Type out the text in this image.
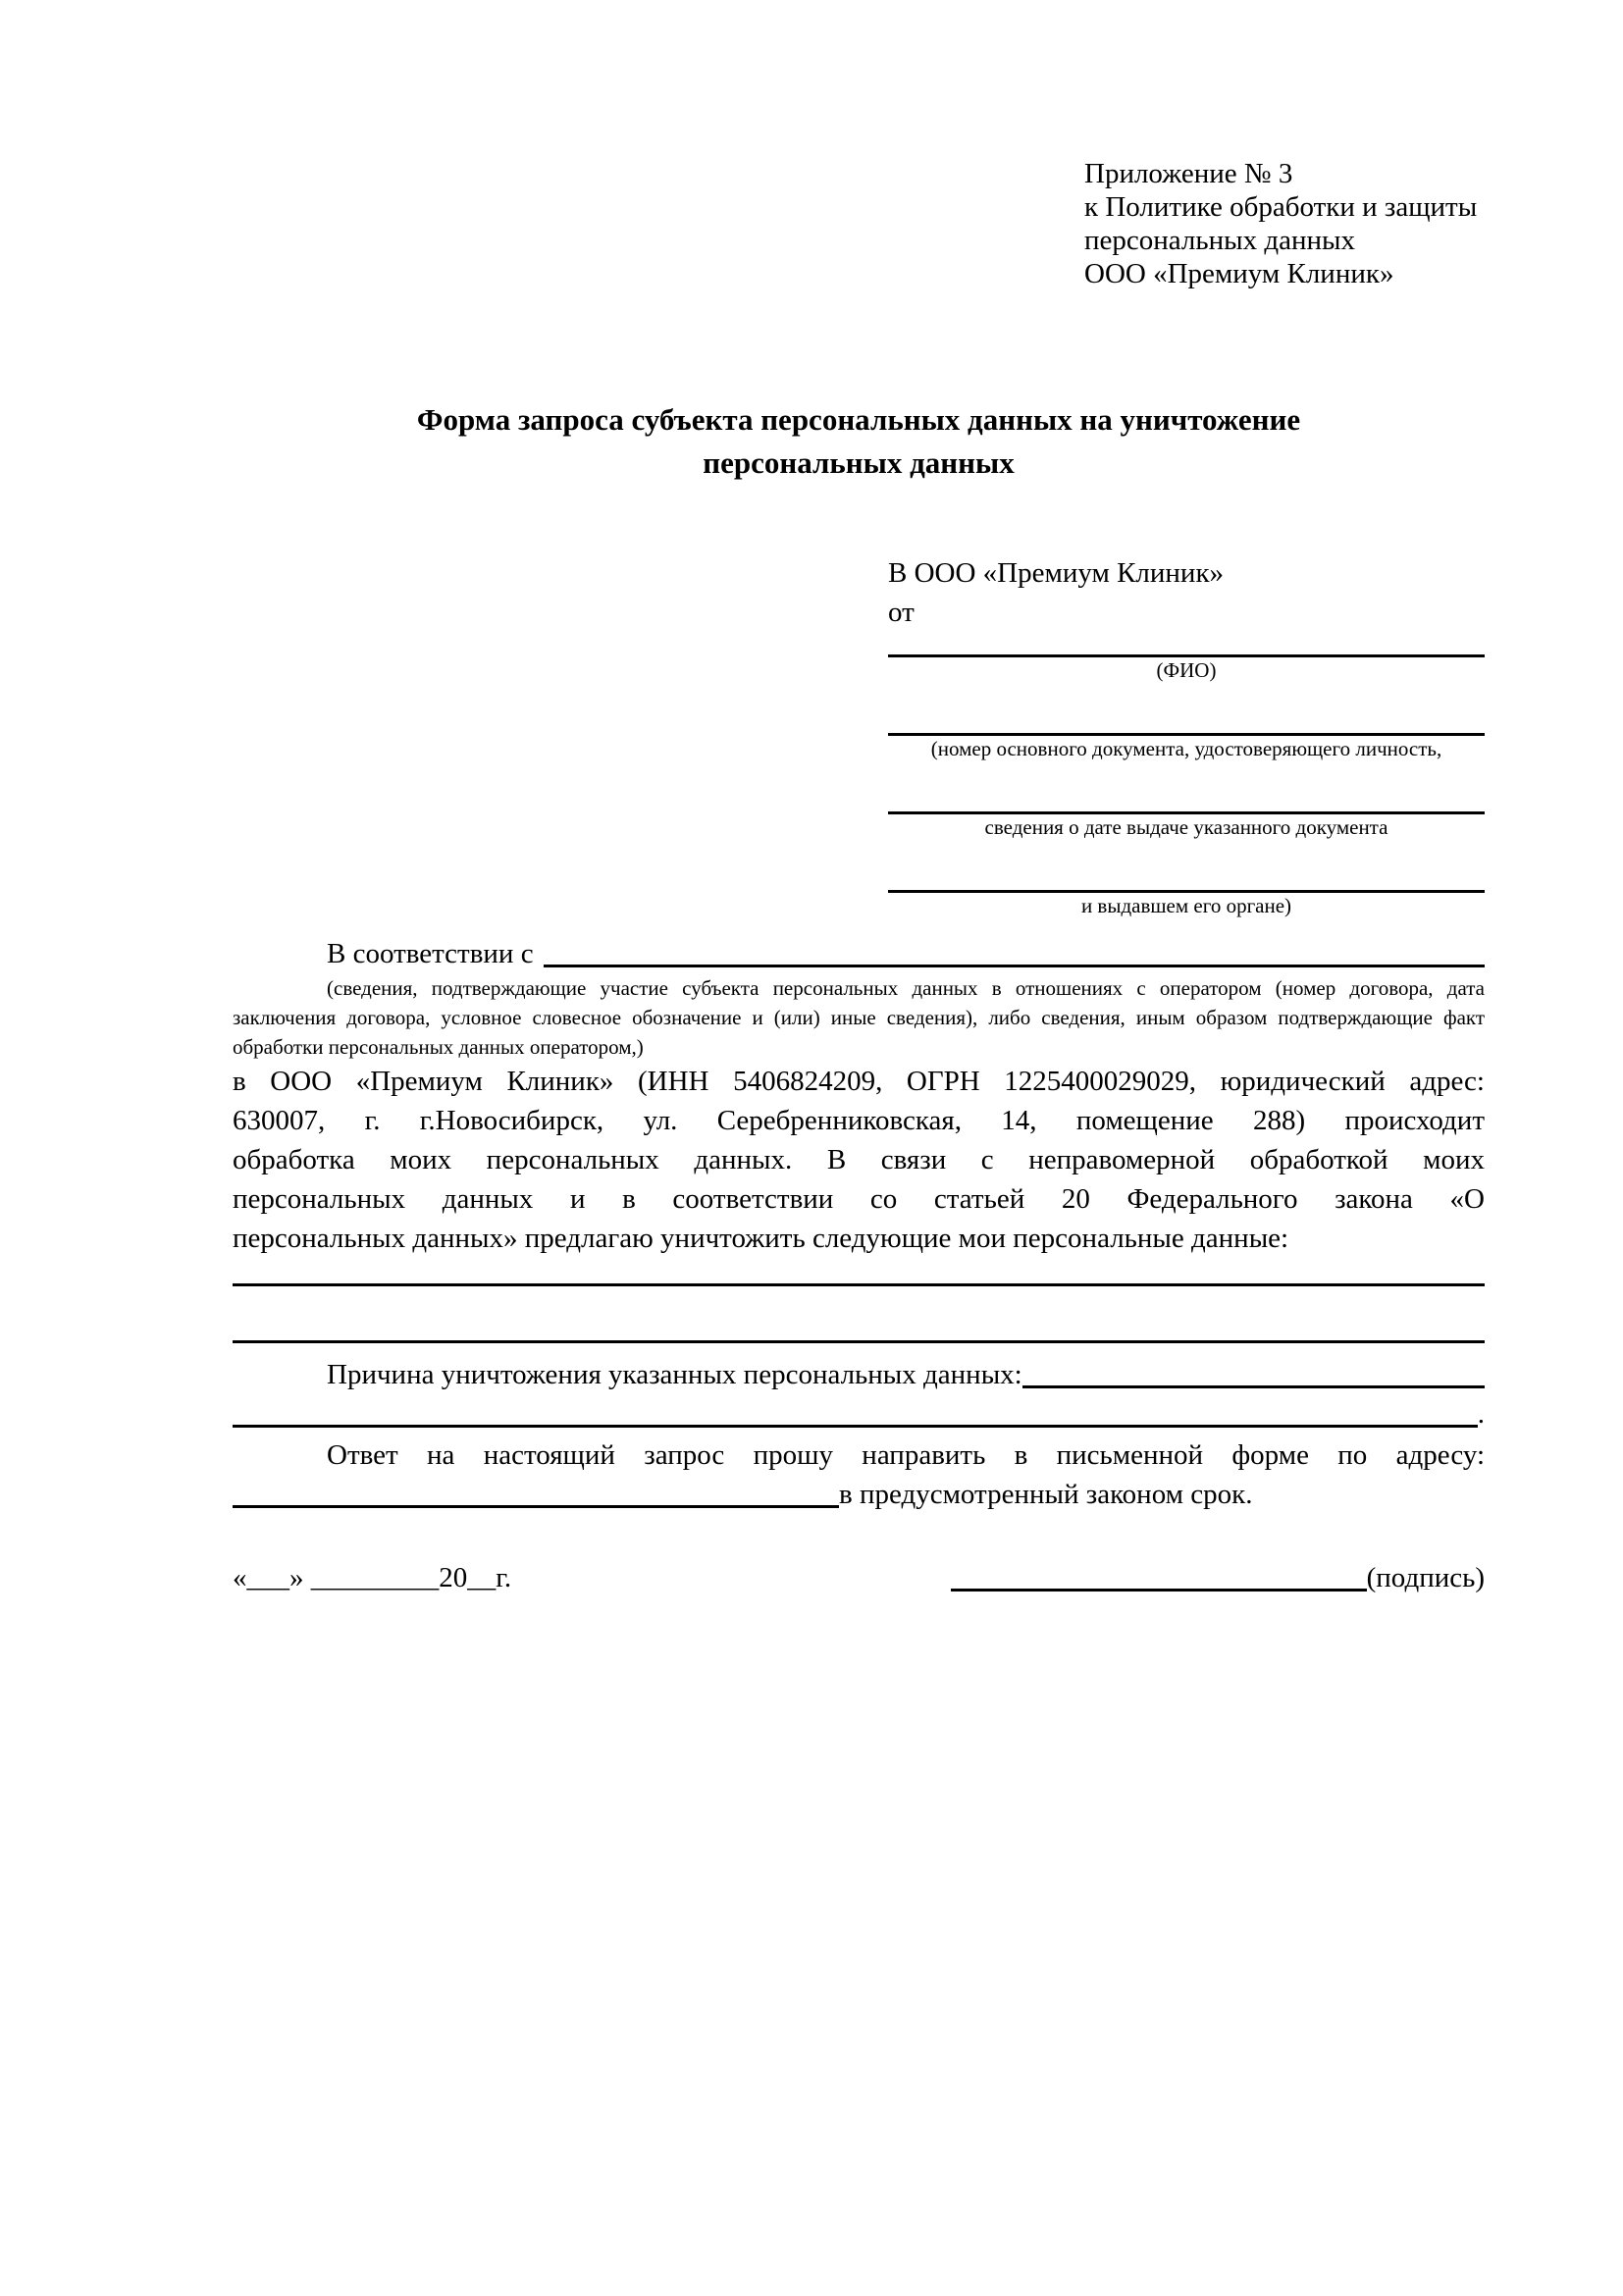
Приложение № 3
к Политике обработки и защиты
персональных данных
ООО «Премиум Клиник»
Форма запроса субъекта персональных данных на уничтожение
персональных данных
В ООО «Премиум Клиник»
от
(ФИО)
(номер основного документа, удостоверяющего личность,
сведения о дате выдаче указанного документа
и выдавшем его органе)
В соответствии с
(сведения, подтверждающие участие субъекта персональных данных в отношениях с оператором (номер договора, дата
заключения договора, условное словесное обозначение и (или) иные сведения), либо сведения, иным образом подтверждающие факт
обработки персональных данных оператором,)
в ООО «Премиум Клиник» (ИНН 5406824209, ОГРН 1225400029029, юридический адрес:
630007, г. г.Новосибирск, ул. Серебренниковская, 14, помещение 288) происходит
обработка моих персональных данных. В связи с неправомерной обработкой моих
персональных данных и в соответствии со статьей 20 Федерального закона «О
персональных данных» предлагаю уничтожить следующие мои персональные данные:
Причина уничтожения указанных персональных данных:
.
Ответ на настоящий запрос прошу направить в письменной форме по адресу:
в предусмотренный законом срок.
«___» _________20__г.	(подпись)
